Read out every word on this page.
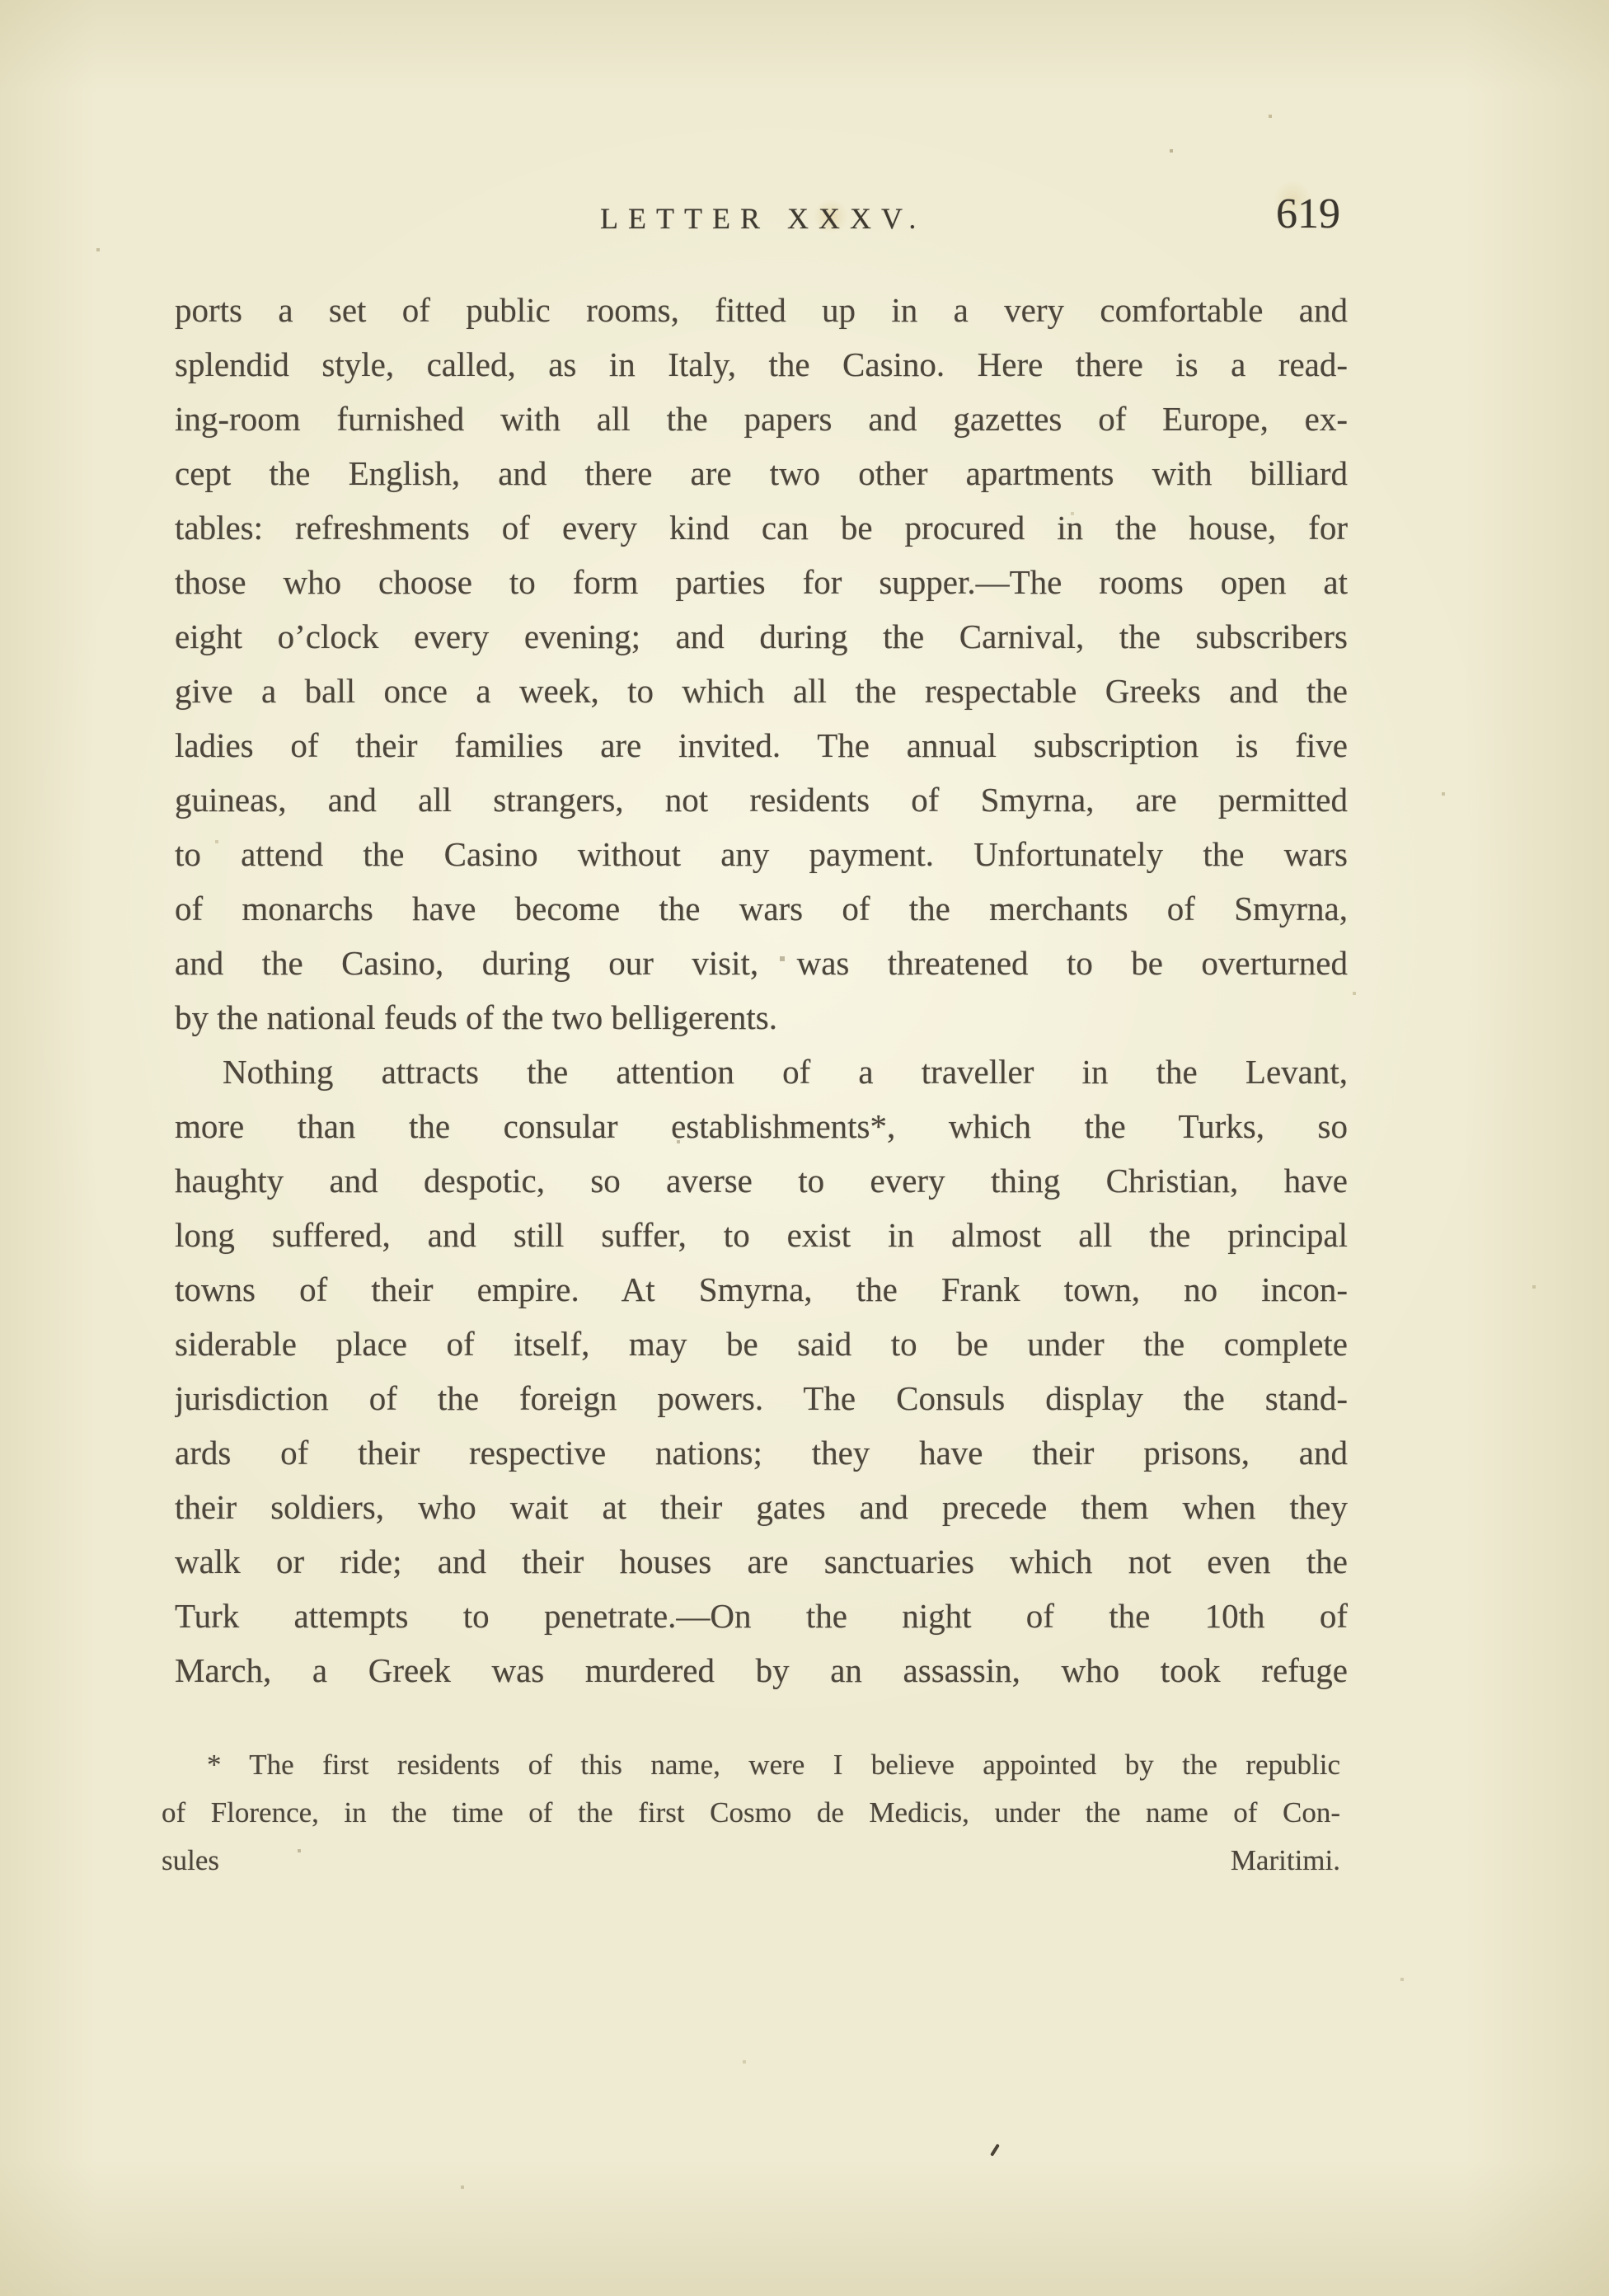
LETTER XXXV.	619
ports a set of public rooms, fitted up in a very comfortable and
splendid style, called, as in Italy, the Casino. Here there is a read-
ing-room furnished with all the papers and gazettes of Europe, ex-
cept the English, and there are two other apartments with billiard
tables: refreshments of every kind can be procured in the house, for
those who choose to form parties for supper.—The rooms open at
eight o’clock every evening; and during the Carnival, the subscribers
give a ball once a week, to which all the respectable Greeks and the
ladies of their families are invited. The annual subscription is five
guineas, and all strangers, not residents of Smyrna, are permitted
to attend the Casino without any payment. Unfortunately the wars
of monarchs have become the wars of the merchants of Smyrna,
and the Casino, during our visit, was threatened to be overturned
by the national feuds of the two belligerents.
Nothing attracts the attention of a traveller in the Levant,
more than the consular establishments*, which the Turks, so
haughty and despotic, so averse to every thing Christian, have
long suffered, and still suffer, to exist in almost all the principal
towns of their empire. At Smyrna, the Frank town, no incon-
siderable place of itself, may be said to be under the complete
jurisdiction of the foreign powers. The Consuls display the stand-
ards of their respective nations; they have their prisons, and
their soldiers, who wait at their gates and precede them when they
walk or ride; and their houses are sanctuaries which not even the
Turk attempts to penetrate.—On the night of the 10th of
March, a Greek was murdered by an assassin, who took refuge
* The first residents of this name, were I believe appointed by the republic
of Florence, in the time of the first Cosmo de Medicis, under the name of Con-
sules Maritimi.
